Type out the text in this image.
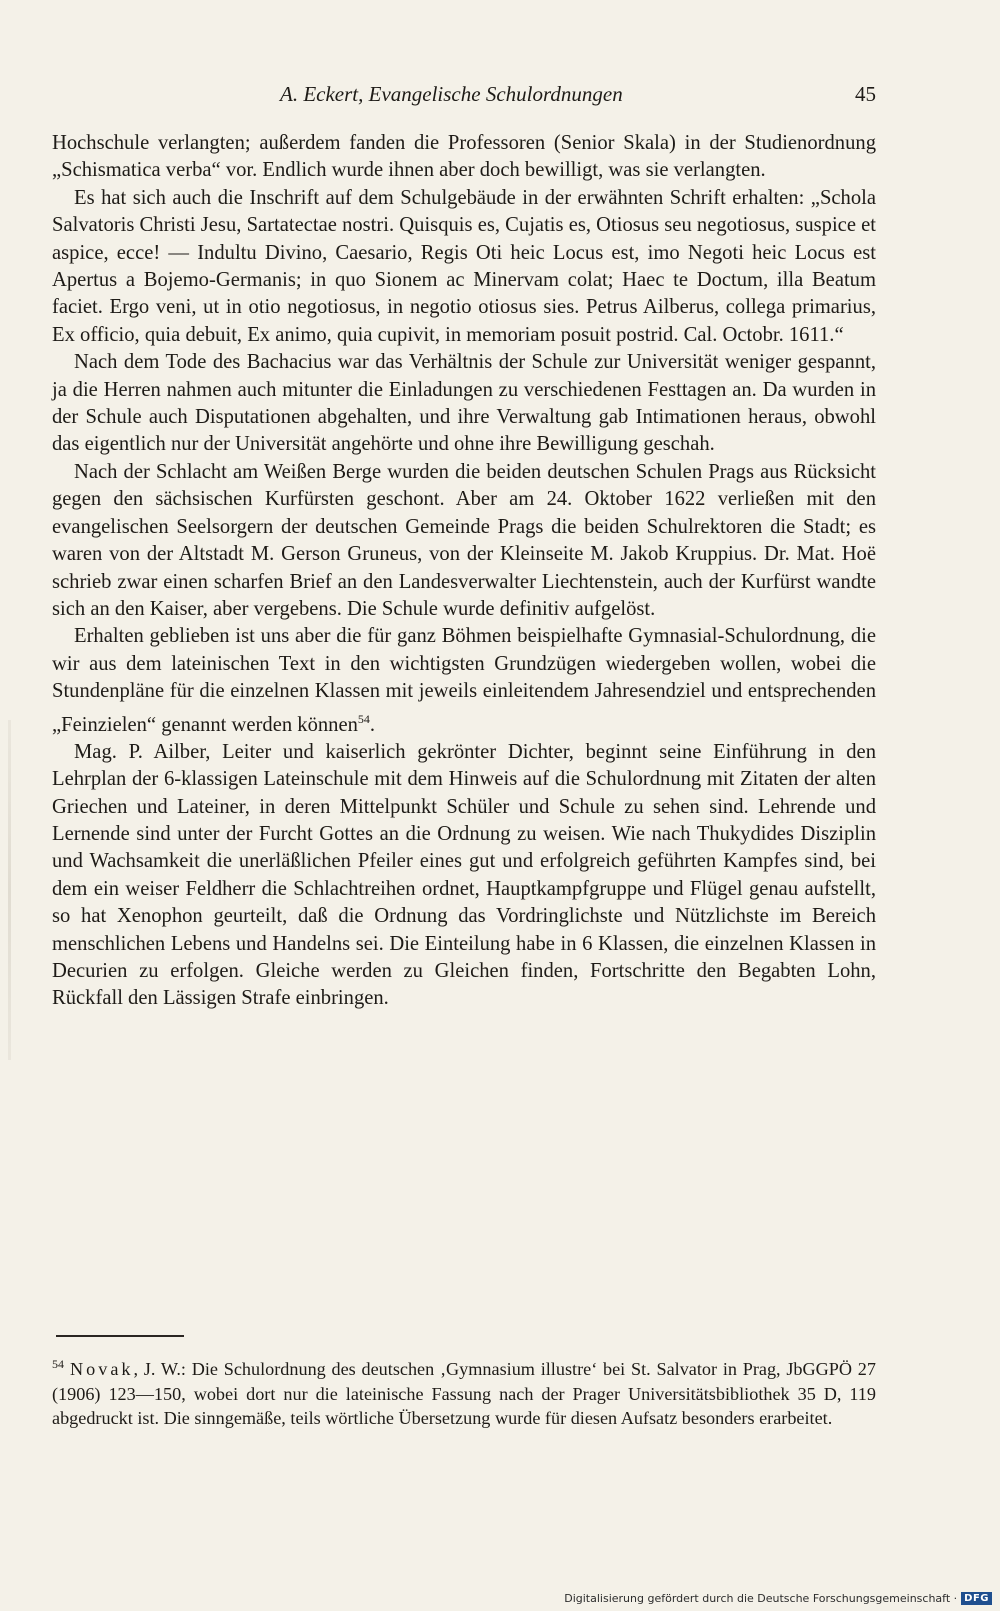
A. Eckert, Evangelische Schulordnungen	45

Hochschule verlangten; außerdem fanden die Professoren (Senior Skala) in der Studienordnung „Schismatica verba“ vor. Endlich wurde ihnen aber doch bewilligt, was sie verlangten.

Es hat sich auch die Inschrift auf dem Schulgebäude in der erwähnten Schrift erhalten: „Schola Salvatoris Christi Jesu, Sartatectae nostri. Quisquis es, Cujatis es, Otiosus seu negotiosus, suspice et aspice, ecce! — Indultu Divino, Caesario, Regis Oti heic Locus est, imo Negoti heic Locus est Apertus a Bojemo-Germanis; in quo Sionem ac Minervam colat; Haec te Doctum, illa Beatum faciet. Ergo veni, ut in otio negotiosus, in negotio otiosus sies. Petrus Ailberus, collega primarius, Ex officio, quia debuit, Ex animo, quia cupivit, in memoriam posuit postrid. Cal. Octobr. 1611.“

Nach dem Tode des Bachacius war das Verhältnis der Schule zur Universität weniger gespannt, ja die Herren nahmen auch mitunter die Einladungen zu verschiedenen Festtagen an. Da wurden in der Schule auch Disputationen abgehalten, und ihre Verwaltung gab Intimationen heraus, obwohl das eigentlich nur der Universität angehörte und ohne ihre Bewilligung geschah.

Nach der Schlacht am Weißen Berge wurden die beiden deutschen Schulen Prags aus Rücksicht gegen den sächsischen Kurfürsten geschont. Aber am 24. Oktober 1622 verließen mit den evangelischen Seelsorgern der deutschen Gemeinde Prags die beiden Schulrektoren die Stadt; es waren von der Altstadt M. Gerson Gruneus, von der Kleinseite M. Jakob Kruppius. Dr. Mat. Hoë schrieb zwar einen scharfen Brief an den Landesverwalter Liechtenstein, auch der Kurfürst wandte sich an den Kaiser, aber vergebens. Die Schule wurde definitiv aufgelöst.

Erhalten geblieben ist uns aber die für ganz Böhmen beispielhafte Gymnasial-Schulordnung, die wir aus dem lateinischen Text in den wichtigsten Grundzügen wiedergeben wollen, wobei die Stundenpläne für die einzelnen Klassen mit jeweils einleitendem Jahresendziel und entsprechenden „Feinzielen“ genannt werden können$^{54}$.

Mag. P. Ailber, Leiter und kaiserlich gekrönter Dichter, beginnt seine Einführung in den Lehrplan der 6-klassigen Lateinschule mit dem Hinweis auf die Schulordnung mit Zitaten der alten Griechen und Lateiner, in deren Mittelpunkt Schüler und Schule zu sehen sind. Lehrende und Lernende sind unter der Furcht Gottes an die Ordnung zu weisen. Wie nach Thukydides Disziplin und Wachsamkeit die unerläßlichen Pfeiler eines gut und erfolgreich geführten Kampfes sind, bei dem ein weiser Feldherr die Schlachtreihen ordnet, Hauptkampfgruppe und Flügel genau aufstellt, so hat Xenophon geurteilt, daß die Ordnung das Vordringlichste und Nützlichste im Bereich menschlichen Lebens und Handelns sei. Die Einteilung habe in 6 Klassen, die einzelnen Klassen in Decurien zu erfolgen. Gleiche werden zu Gleichen finden, Fortschritte den Begabten Lohn, Rückfall den Lässigen Strafe einbringen.

$^{54}$ Novak, J. W.: Die Schulordnung des deutschen ‚Gymnasium illustre‘ bei St. Salvator in Prag, JbGGPÖ 27 (1906) 123—150, wobei dort nur die lateinische Fassung nach der Prager Universitätsbibliothek 35 D, 119 abgedruckt ist. Die sinngemäße, teils wörtliche Übersetzung wurde für diesen Aufsatz besonders erarbeitet.
Digitalisierung gefördert durch die Deutsche Forschungsgemeinschaft · DFG
